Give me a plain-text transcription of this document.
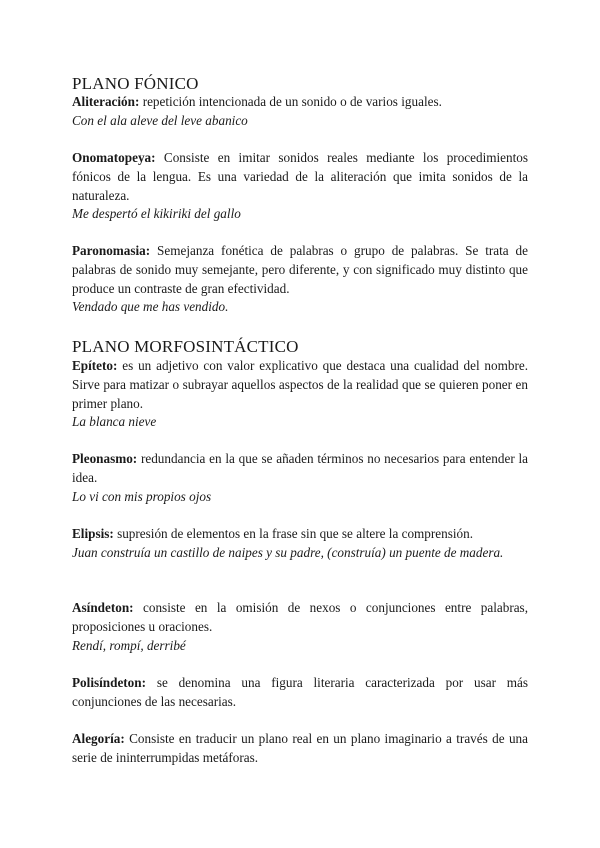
PLANO FÓNICO

Aliteración: repetición intencionada de un sonido o de varios iguales.

Con el ala aleve del leve abanico

Onomatopeya: Consiste en imitar sonidos reales mediante los procedimientos fónicos de la lengua. Es una variedad de la aliteración que imita sonidos de la naturaleza.

Me despertó el kikiriki del gallo

Paronomasia: Semejanza fonética de palabras o grupo de palabras. Se trata de palabras de sonido muy semejante, pero diferente, y con significado muy distinto que produce un contraste de gran efectividad.

Vendado que me has vendido.

PLANO MORFOSINTÁCTICO

Epíteto: es un adjetivo con valor explicativo que destaca una cualidad del nombre. Sirve para matizar o subrayar aquellos aspectos de la realidad que se quieren poner en primer plano.

La blanca nieve

Pleonasmo: redundancia en la que se añaden términos no necesarios para entender la idea.

Lo vi con mis propios ojos

Elipsis: supresión de elementos en la frase sin que se altere la comprensión.

Juan construía un castillo de naipes y su padre, (construía) un puente de madera.

Asíndeton: consiste en la omisión de nexos o conjunciones entre palabras, proposiciones u oraciones.

Rendí, rompí, derribé

Polisíndeton: se denomina una figura literaria caracterizada por usar más conjunciones de las necesarias.

Alegoría: Consiste en traducir un plano real en un plano imaginario a través de una serie de ininterrumpidas metáforas.
